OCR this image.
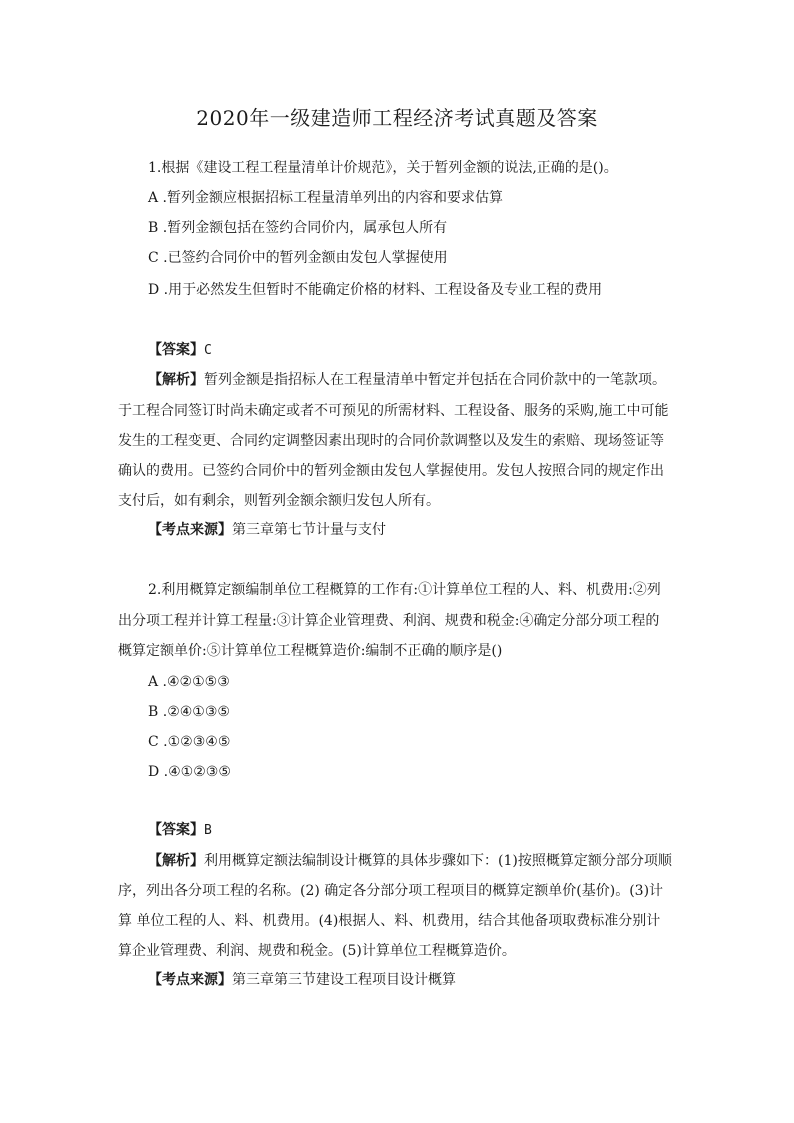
2020年一级建造师工程经济考试真题及答案
1.根据《建设工程工程量清单计价规范》，关于暂列金额的说法,正确的是()。
A .暂列金额应根据招标工程量清单列出的内容和要求估算
B .暂列金额包括在签约合同价内，属承包人所有
C .已签约合同价中的暂列金额由发包人掌握使用
D .用于必然发生但暂时不能确定价格的材料、工程设备及专业工程的费用
【答案】C
【解析】暂列金额是指招标人在工程量清单中暂定并包括在合同价款中的一笔款项。
于工程合同签订时尚未确定或者不可预见的所需材料、工程设备、服务的采购,施工中可能
发生的工程变更、合同约定调整因素出现时的合同价款调整以及发生的索赔、现场签证等
确认的费用。已签约合同价中的暂列金额由发包人掌握使用。发包人按照合同的规定作出
支付后，如有剩余，则暂列金额余额归发包人所有。
【考点来源】第三章第七节计量与支付
2.利用概算定额编制单位工程概算的工作有:①计算单位工程的人、料、机费用:②列
出分项工程并计算工程量:③计算企业管理费、利润、规费和税金:④确定分部分项工程的
概算定额单价:⑤计算单位工程概算造价:编制不正确的顺序是()
A .④②①⑤③
B .②④①③⑤
C .①②③④⑤
D .④①②③⑤
【答案】B
【解析】利用概算定额法编制设计概算的具体步骤如下：(1)按照概算定额分部分项顺
序，列出各分项工程的名称。(2) 确定各分部分项工程项目的概算定额单价(基价)。(3)计
算 单位工程的人、料、机费用。(4)根据人、料、机费用，结合其他备项取费标准分别计
算企业管理费、利润、规费和税金。(5)计算单位工程概算造价。
【考点来源】第三章第三节建设工程项目设计概算
